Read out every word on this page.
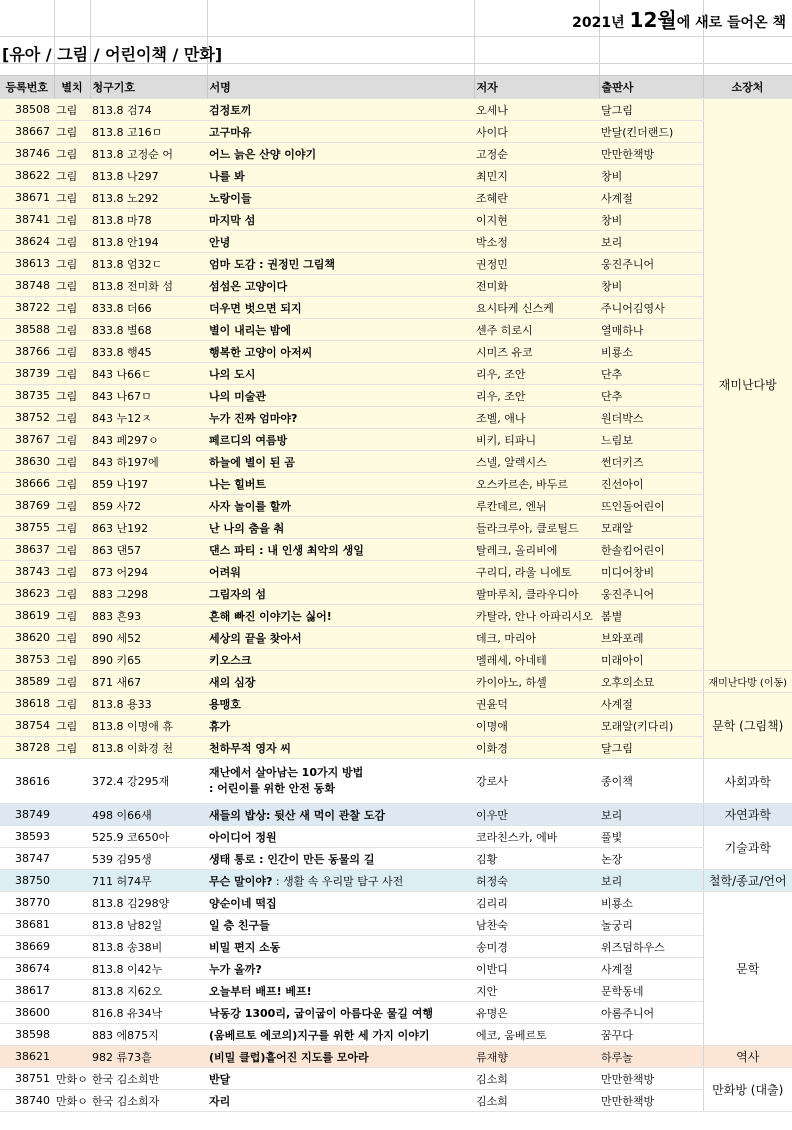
2021년 12월에 새로 들어온 책
[유아 / 그림 / 어린이책 / 만화]
등록번호	별치	청구기호	서명	저자	출판사	소장처
38508	그림	813.8 검74	검정토끼	오세나	달그림	재미난다방
38667	그림	813.8 고16ㅁ	고구마유	사이다	반달(킨더랜드)	
38746	그림	813.8 고정순 어	어느 늙은 산양 이야기	고정순	만만한책방	
38622	그림	813.8 나297	나를 봐	최민지	창비	
38671	그림	813.8 노292	노랑이들	조혜란	사계절	
38741	그림	813.8 마78	마지막 섬	이지현	창비	
38624	그림	813.8 안194	안녕	박소정	보리	
38613	그림	813.8 엄32ㄷ	엄마 도감 : 권정민 그림책	권정민	웅진주니어	
38748	그림	813.8 전미화 섬	섬섬은 고양이다	전미화	창비	
38722	그림	833.8 더66	더우면 벗으면 되지	요시타케 신스케	주니어김영사	
38588	그림	833.8 별68	별이 내리는 밤에	센주 히로시	열매하나	
38766	그림	833.8 행45	행복한 고양이 아저씨	시미즈 유코	비룡소	
38739	그림	843 나66ㄷ	나의 도시	리우, 조안	단추	
38735	그림	843 나67ㅁ	나의 미술관	리우, 조안	단추	
38752	그림	843 누12ㅈ	누가 진짜 엄마야?	조벨, 애나	원더박스	
38767	그림	843 페297ㅇ	페르디의 여름방	비키, 티파니	느림보	
38630	그림	843 하197에	하늘에 별이 된 곰	스넬, 알렉시스	썬더키즈	
38666	그림	859 나197	나는 힐버트	오스카르손, 바두르	진선아이	
38769	그림	859 사72	사자 놀이를 할까	루칸데르, 엔뉘	뜨인돌어린이	
38755	그림	863 난192	난 나의 춤을 춰	들라크루아, 클로틸드	모래알	
38637	그림	863 댄57	댄스 파티 : 내 인생 최악의 생일	탈레크, 올리비에	한솔킴어린이	
38743	그림	873 어294	어려워	구리디, 라울 니에토	미디어창비	
38623	그림	883 그298	그림자의 섬	팔마루치, 클라우디아	웅진주니어	
38619	그림	883 흔93	흔해 빠진 이야기는 싫어!	카탈라, 안나 아파리시오	봄볕	
38620	그림	890 세52	세상의 끝을 찾아서	데크, 마리아	브와포레	
38753	그림	890 키65	키오스크	멜레세, 아네테	미래아이	
38589	그림	871 새67	새의 심장	카이아노, 하셀	오후의소묘	재미난다방 (이동)
38618	그림	813.8 용33	용맹호	권윤덕	사계절	문학 (그림책)
38754	그림	813.8 이명애 휴	휴가	이명애	모래알(키다리)	
38728	그림	813.8 이화경 천	천하무적 영자 씨	이화경	달그림	
38616		372.4 강295재	재난에서 살아남는 10가지 방법
: 어린이를 위한 안전 동화	강로사	종이책	사회과학
38749		498 이66새	새들의 밥상: 뒷산 새 먹이 관찰 도감	이우만	보리	자연과학
38593		525.9 코650아	아이디어 정원	코라친스카, 에바	풀빛	기술과학
38747		539 김95생	생태 통로 : 인간이 만든 동물의 길	김황	논장	
38750		711 허74무	무슨 말이야? : 생활 속 우리말 탐구 사전	허정숙	보리	철학/종교/언어
38770		813.8 김298양	양순이네 떡집	김리리	비룡소	문학
38681		813.8 남82일	일 층 친구들	남찬숙	놀궁리	
38669		813.8 송38비	비밀 편지 소동	송미경	위즈덤하우스	
38674		813.8 이42누	누가 올까?	이반디	사계절	
38617		813.8 지62오	오늘부터 배프! 베프!	지안	문학동네	
38600		816.8 유34낙	낙동강 1300리, 굽이굽이 아름다운 물길 여행	유명은	아롬주니어	
38598		883 에875지	(움베르토 에코의)지구를 위한 세 가지 이야기	에코, 움베르토	꿈꾸다	
38621		982 류73흩	(비밀 클럽)흩어진 지도를 모아라	류재향	하루놀	역사
38751	만화ㅇ	한국 김소희반	반달	김소희	만만한책방	만화방 (대출)
38740	만화ㅇ	한국 김소희자	자리	김소희	만만한책방	
